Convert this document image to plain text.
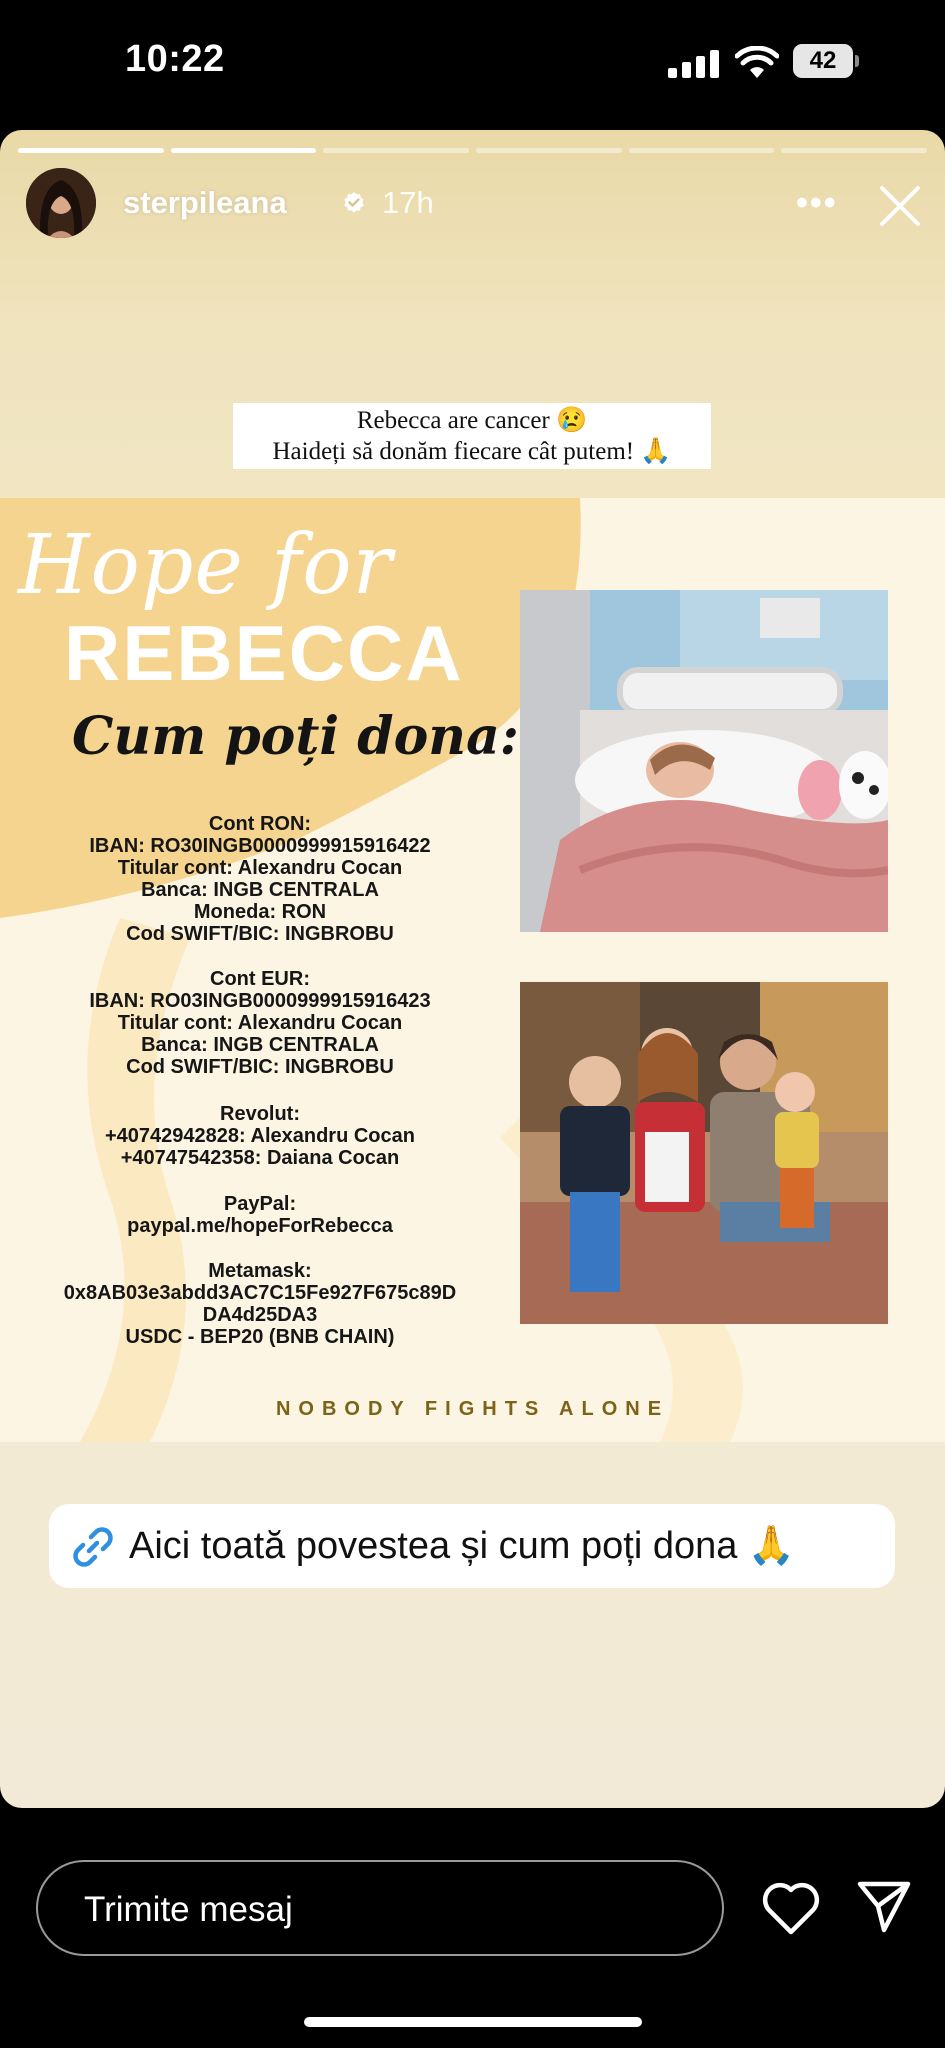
10:22	42
sterpileana	17h	•••
Rebecca are cancer 😢
Haideți să donăm fiecare cât putem! 🙏
Hope for
REBECCA
Cum poți dona:
Cont RON:
IBAN: RO30INGB0000999915916422
Titular cont: Alexandru Cocan
Banca: INGB CENTRALA
Moneda: RON
Cod SWIFT/BIC: INGBROBU
Cont EUR:
IBAN: RO03INGB0000999915916423
Titular cont: Alexandru Cocan
Banca: INGB CENTRALA
Cod SWIFT/BIC: INGBROBU
Revolut:
+40742942828: Alexandru Cocan
+40747542358: Daiana Cocan
PayPal:
paypal.me/hopeForRebecca
Metamask:
0x8AB03e3abdd3AC7C15Fe927F675c89D
DA4d25DA3
USDC - BEP20 (BNB CHAIN)
NOBODY FIGHTS ALONE
Aici toată povestea și cum poți dona 🙏
Trimite mesaj
